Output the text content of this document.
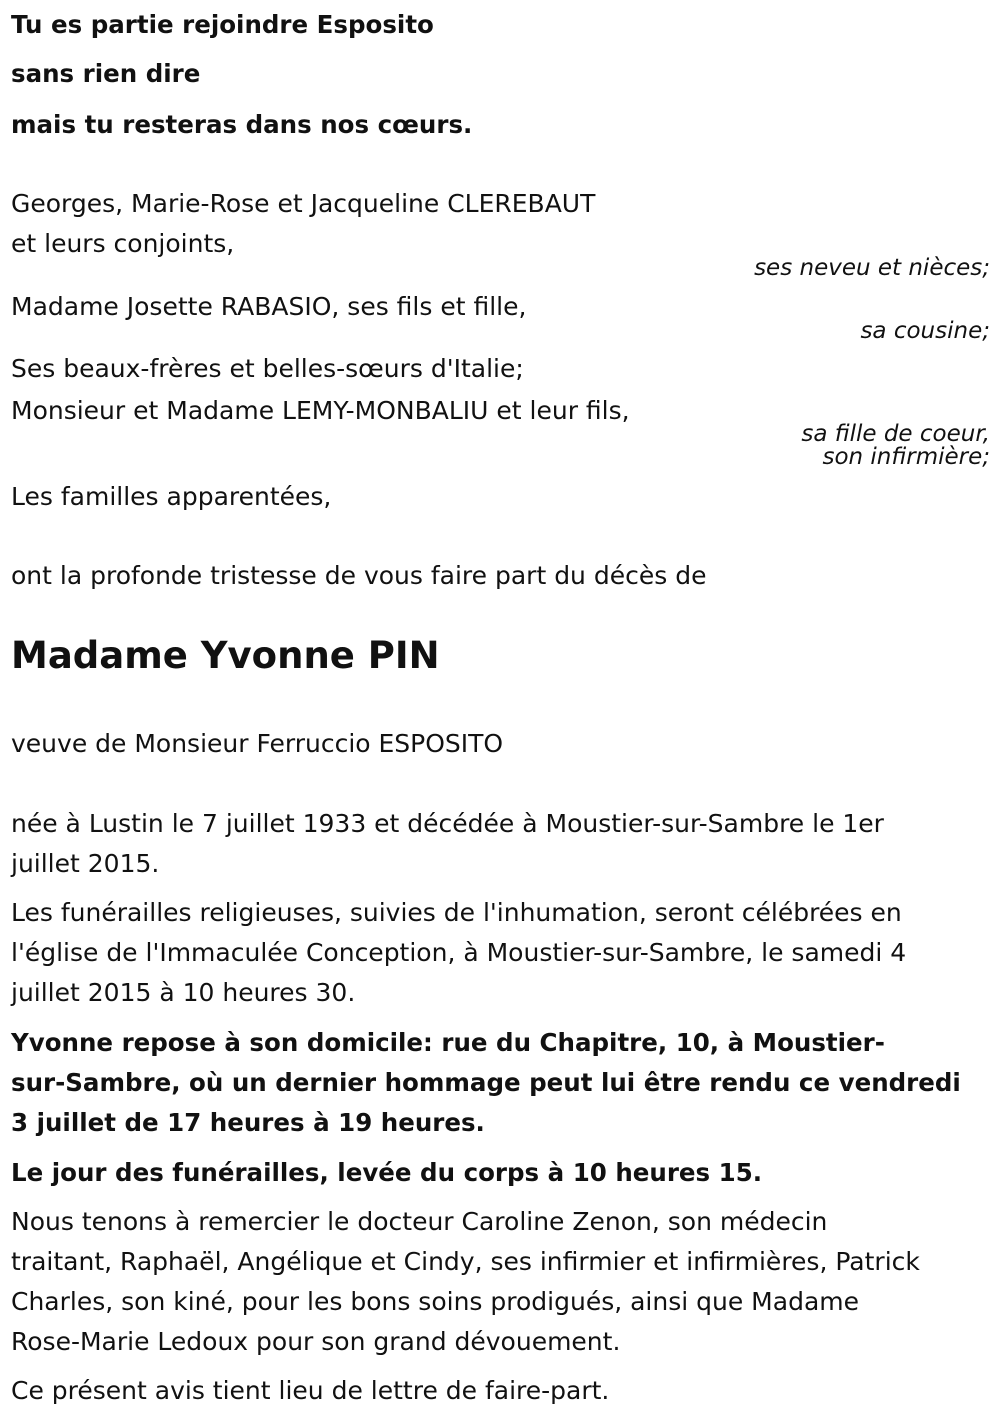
Tu es partie rejoindre Esposito
sans rien dire
mais tu resteras dans nos cœurs.
Georges, Marie-Rose et Jacqueline CLEREBAUT
et leurs conjoints,
ses neveu et nièces;
Madame Josette RABASIO, ses fils et fille,
sa cousine;
Ses beaux-frères et belles-sœurs d'Italie;
Monsieur et Madame LEMY-MONBALIU et leur fils,
sa fille de coeur,
son infirmière;
Les familles apparentées,
ont la profonde tristesse de vous faire part du décès de
Madame Yvonne PIN
veuve de Monsieur Ferruccio ESPOSITO
née à Lustin le 7 juillet 1933 et décédée à Moustier-sur-Sambre le 1er
juillet 2015.
Les funérailles religieuses, suivies de l'inhumation, seront célébrées en
l'église de l'Immaculée Conception, à Moustier-sur-Sambre, le samedi 4
juillet 2015 à 10 heures 30.
Yvonne repose à son domicile: rue du Chapitre, 10, à Moustier-
sur-Sambre, où un dernier hommage peut lui être rendu ce vendredi
3 juillet de 17 heures à 19 heures.
Le jour des funérailles, levée du corps à 10 heures 15.
Nous tenons à remercier le docteur Caroline Zenon, son médecin
traitant, Raphaël, Angélique et Cindy, ses infirmier et infirmières, Patrick
Charles, son kiné, pour les bons soins prodigués, ainsi que Madame
Rose-Marie Ledoux pour son grand dévouement.
Ce présent avis tient lieu de lettre de faire-part.
